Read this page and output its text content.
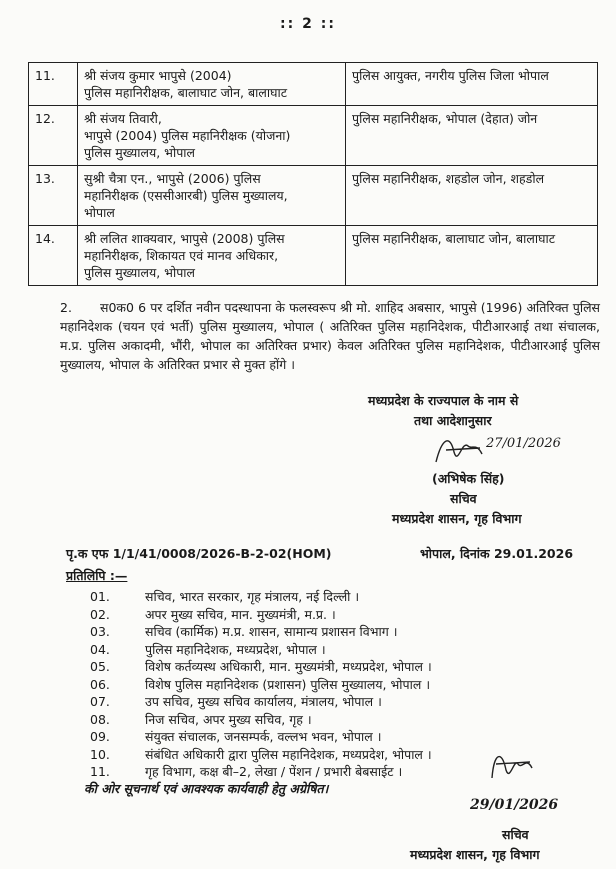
:: 2 ::
11.	श्री संजय कुमार भापुसे (2004)
पुलिस महानिरीक्षक, बालाघाट जोन, बालाघाट	पुलिस आयुक्त, नगरीय पुलिस जिला भोपाल
12.	श्री संजय तिवारी,
भापुसे (2004) पुलिस महानिरीक्षक (योजना)
पुलिस मुख्यालय, भोपाल	पुलिस महानिरीक्षक, भोपाल (देहात) जोन
13.	सुश्री चैत्रा एन., भापुसे (2006) पुलिस
महानिरीक्षक (एससीआरबी) पुलिस मुख्यालय,
भोपाल	पुलिस महानिरीक्षक, शहडोल जोन, शहडोल
14.	श्री ललित शाक्यवार, भापुसे (2008) पुलिस
महानिरीक्षक, शिकायत एवं मानव अधिकार,
पुलिस मुख्यालय, भोपाल	पुलिस महानिरीक्षक, बालाघाट जोन, बालाघाट
2. स0क0 6 पर दर्शित नवीन पदस्थापना के फलस्वरूप श्री मो. शाहिद अबसार, भापुसे (1996) अतिरिक्त पुलिस महानिदेशक (चयन एवं भर्ती) पुलिस मुख्यालय, भोपाल ( अतिरिक्त पुलिस महानिदेशक, पीटीआरआई तथा संचालक, म.प्र. पुलिस अकादमी, भौंरी, भोपाल का अतिरिक्त प्रभार) केवल अतिरिक्त पुलिस महानिदेशक, पीटीआरआई पुलिस मुख्यालय, भोपाल के अतिरिक्त प्रभार से मुक्त होंगे ।
मध्यप्रदेश के राज्यपाल के नाम से
तथा आदेशानुसार
27/01/2026
(अभिषेक सिंह)
सचिव
मध्यप्रदेश शासन, गृह विभाग
पृ.क एफ 1/1/41/0008/2026-B-2-02(HOM)	भोपाल, दिनांक 29.01.2026
प्रतिलिपि :—
01.	सचिव, भारत सरकार, गृह मंत्रालय, नई दिल्ली ।
02.	अपर मुख्य सचिव, मान. मुख्यमंत्री, म.प्र. ।
03.	सचिव (कार्मिक) म.प्र. शासन, सामान्य प्रशासन विभाग ।
04.	पुलिस महानिदेशक, मध्यप्रदेश, भोपाल ।
05.	विशेष कर्तव्यस्थ अधिकारी, मान. मुख्यमंत्री, मध्यप्रदेश, भोपाल ।
06.	विशेष पुलिस महानिदेशक (प्रशासन) पुलिस मुख्यालय, भोपाल ।
07.	उप सचिव, मुख्य सचिव कार्यालय, मंत्रालय, भोपाल ।
08.	निज सचिव, अपर मुख्य सचिव, गृह ।
09.	संयुक्त संचालक, जनसम्पर्क, वल्लभ भवन, भोपाल ।
10.	संबंधित अधिकारी द्वारा पुलिस महानिदेशक, मध्यप्रदेश, भोपाल ।
11.	गृह विभाग, कक्ष बी–2, लेखा / पेंशन / प्रभारी बेबसाईट ।
की ओर सूचनार्थ एवं आवश्यक कार्यवाही हेतु अग्रेषित।
29/01/2026
सचिव
मध्यप्रदेश शासन, गृह विभाग
